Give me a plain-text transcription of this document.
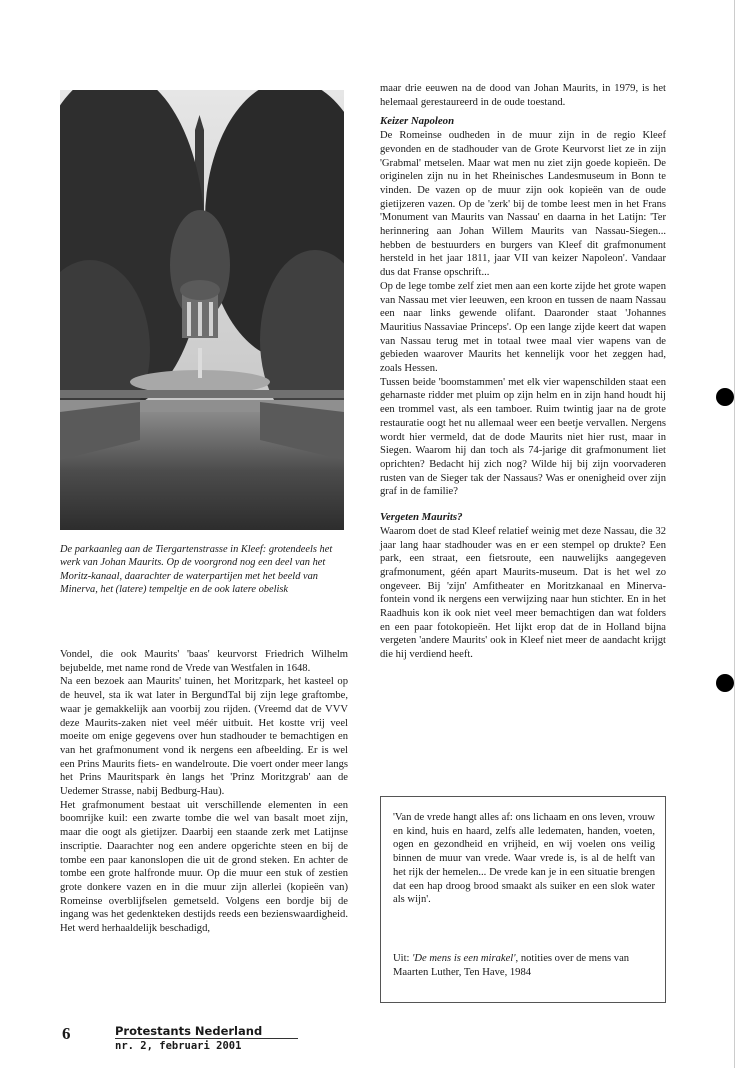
De parkaanleg aan de Tiergartenstrasse in Kleef: grotendeels het werk van Johan Maurits. Op de voorgrond nog een deel van het Moritz-kanaal, daarachter de waterpartijen met het beeld van Minerva, het (latere) tempeltje en de ook latere obelisk

Vondel, die ook Maurits' 'baas' keurvorst Friedrich Wilhelm bejubelde, met name rond de Vrede van Westfalen in 1648.

Na een bezoek aan Maurits' tuinen, het Moritzpark, het kasteel op de heuvel, sta ik wat later in BergundTal bij zijn lege graftombe, waar je gemakkelijk aan voorbij zou rijden. (Vreemd dat de VVV deze Maurits-zaken niet veel méér uitbuit. Het kostte vrij veel moeite om enige gegevens over hun stadhouder te bemachtigen en van het grafmonument vond ik nergens een afbeelding. Er is wel een Prins Maurits fiets- en wandelroute. Die voert onder meer langs het Prins Mauritspark èn langs het 'Prinz Moritzgrab' aan de Uedemer Strasse, nabij Bedburg-Hau).

Het grafmonument bestaat uit verschillende elementen in een boomrijke kuil: een zwarte tombe die wel van basalt moet zijn, maar die oogt als gietijzer. Daarbij een staande zerk met Latijnse inscriptie. Daarachter nog een andere opgerichte steen en bij de tombe een paar kanonslopen die uit de grond steken. En achter de tombe een grote halfronde muur. Op die muur een stuk of zestien grote donkere vazen en in die muur zijn allerlei (kopieën van) Romeinse overblijfselen gemetseld. Volgens een bordje bij de ingang was het gedenkteken destijds reeds een bezienswaardigheid. Het werd herhaaldelijk beschadigd,

maar drie eeuwen na de dood van Johan Maurits, in 1979, is het helemaal gerestaureerd in de oude toestand.

Keizer Napoleon

De Romeinse oudheden in de muur zijn in de regio Kleef gevonden en de stadhouder van de Grote Keurvorst liet ze in zijn 'Grabmal' metselen. Maar wat men nu ziet zijn goede kopieën. De originelen zijn nu in het Rheinisches Landesmuseum in Bonn te vinden. De vazen op de muur zijn ook kopieën van de oude gietijzeren vazen. Op de 'zerk' bij de tombe leest men in het Frans 'Monument van Maurits van Nassau' en daarna in het Latijn: 'Ter herinnering aan Johan Willem Maurits van Nassau-Siegen... hebben de bestuurders en burgers van Kleef dit grafmonument hersteld in het jaar 1811, jaar VII van keizer Napoleon'. Vandaar dus dat Franse opschrift...

Op de lege tombe zelf ziet men aan een korte zijde het grote wapen van Nassau met vier leeuwen, een kroon en tussen de naam Nassau een naar links gewende olifant. Daaronder staat 'Johannes Mauritius Nassaviae Princeps'. Op een lange zijde keert dat wapen van Nassau terug met in totaal twee maal vier wapens van de gebieden waarover Maurits het kennelijk voor het zeggen had, zoals Hessen.

Tussen beide 'boomstammen' met elk vier wapenschilden staat een geharnaste ridder met pluim op zijn helm en in zijn hand houdt hij een trommel vast, als een tamboer. Ruim twintig jaar na de grote restauratie oogt het nu allemaal weer een beetje vervallen. Nergens wordt hier vermeld, dat de dode Maurits niet hier rust, maar in Siegen. Waarom hij dan toch als 74-jarige dit grafmonument liet oprichten? Bedacht hij zich nog? Wilde hij bij zijn voorvaderen rusten van de Sieger tak der Nassaus? Was er onenigheid over zijn graf in de familie?

Vergeten Maurits?

Waarom doet de stad Kleef relatief weinig met deze Nassau, die 32 jaar lang haar stadhouder was en er een stempel op drukte? Een park, een straat, een fietsroute, een nauwelijks aangegeven grafmonument, géén apart Maurits-museum. Dat is het wel zo ongeveer. Bij 'zijn' Amfitheater en Moritzkanaal en Minerva-fontein vond ik nergens een verwijzing naar hun stichter. En in het Raadhuis kon ik ook niet veel meer bemachtigen dan wat folders en een paar fotokopieën. Het lijkt erop dat de in Holland bijna vergeten 'andere Maurits' ook in Kleef niet meer de aandacht krijgt die hij verdiend heeft.

'Van de vrede hangt alles af: ons lichaam en ons leven, vrouw en kind, huis en haard, zelfs alle ledematen, handen, voeten, ogen en gezondheid en vrijheid, en wij voelen ons veilig binnen de muur van vrede. Waar vrede is, is al de helft van het rijk der hemelen... De vrede kan je in een situatie brengen dat een hap droog brood smaakt als suiker en een slok water als wijn'.
Uit: 'De mens is een mirakel', notities over de mens van Maarten Luther, Ten Have, 1984
6	Protestants Nederland
nr. 2, februari 2001
